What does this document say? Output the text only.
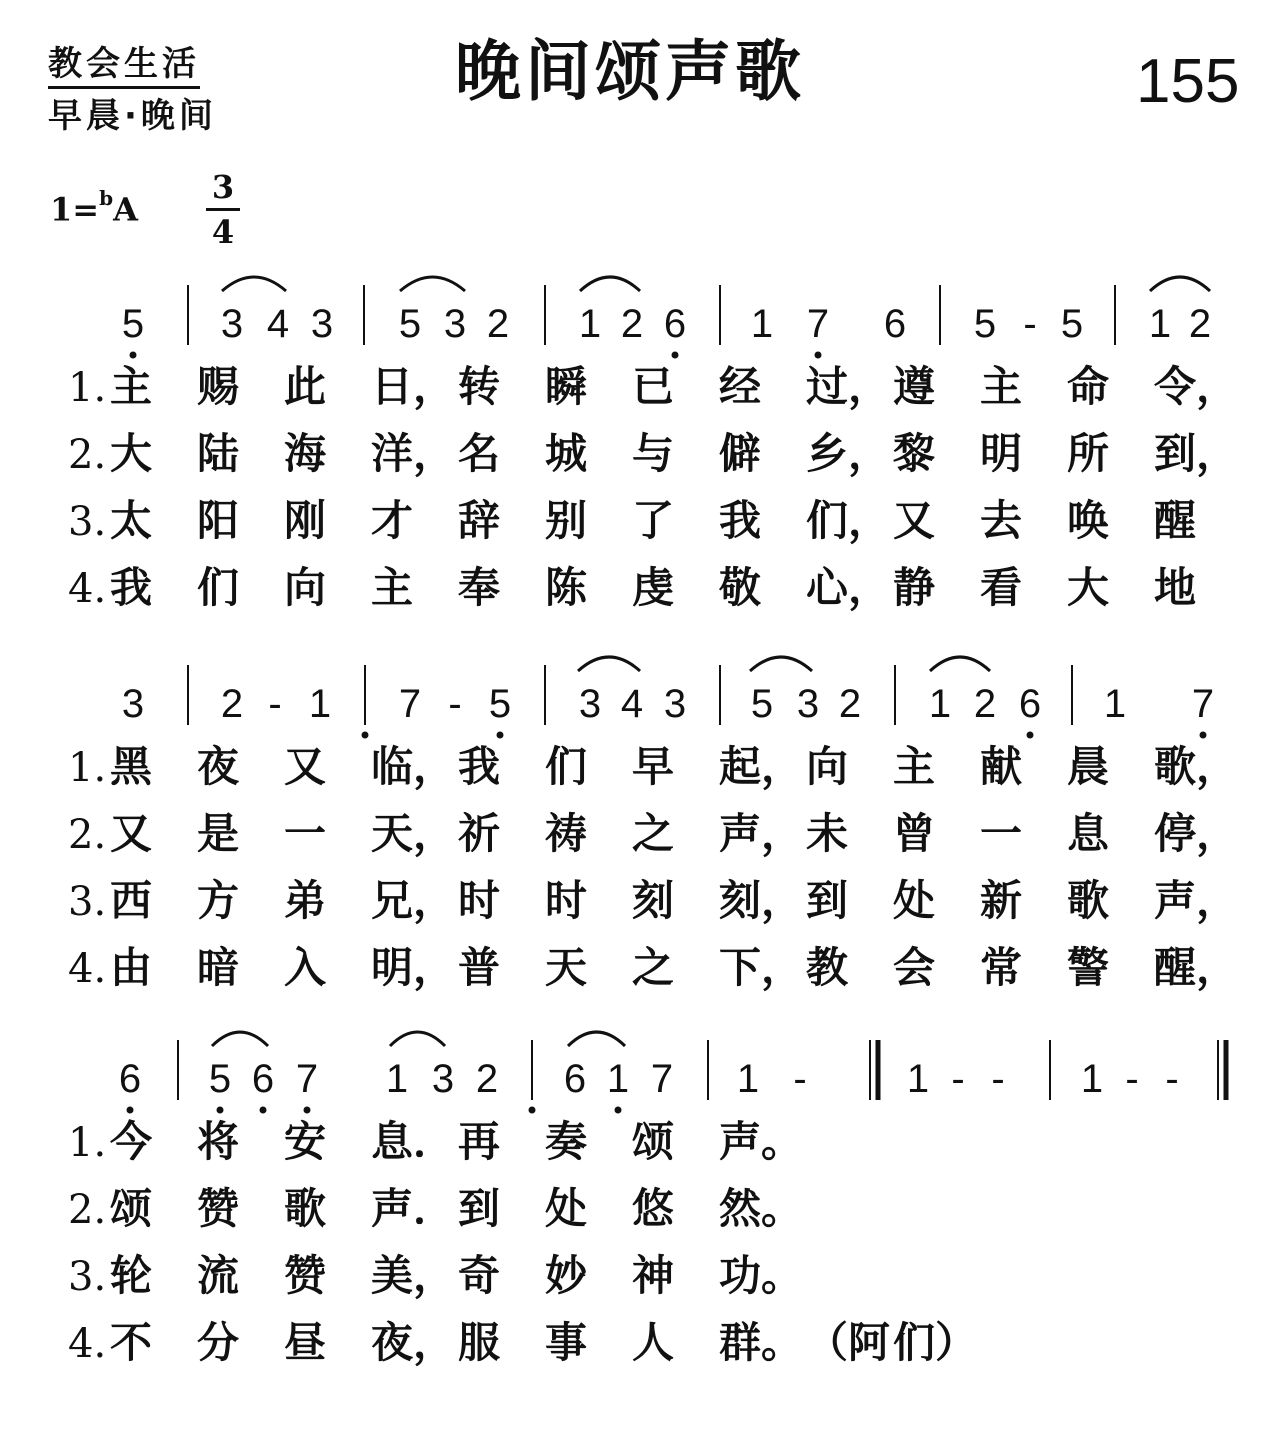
教会生活
早晨·晚间
晚间颂声歌	155
1=$^b$A
3
4
5 3 4 3 5 3 2 1 2 6 1 7 6 5 - 5 1 2
3 2 - 1 7 - 5 3 4 3 5 3 2 1 2 6 1 7
6 5 6 7 1 3 2 6 1 7 1 -	1 - - 1 - -
1.主 赐 此 日，转 瞬 已 经 过，遵 主 命 令，
2.大 陆 海 洋，名 城 与 僻 乡，黎 明 所 到，
3.太 阳 刚 才 辞 别 了 我 们，又 去 唤 醒
4.我 们 向 主 奉 陈 虔 敬 心，静 看 大 地
1.黑 夜 又 临，我 们 早 起，向 主 献 晨 歌，
2.又 是 一 天，祈 祷 之 声，未 曾 一 息 停，
3.西 方 弟 兄，时 时 刻 刻，到 处 新 歌 声，
4.由 暗 入 明，普 天 之 下，教 会 常 警 醒，
1.今 将 安 息．再 奏 颂 声。
2.颂 赞 歌 声．到 处 悠 然。
3.轮 流 赞 美，奇 妙 神 功。
4.不 分 昼 夜，服 事 人 群。（阿们）
